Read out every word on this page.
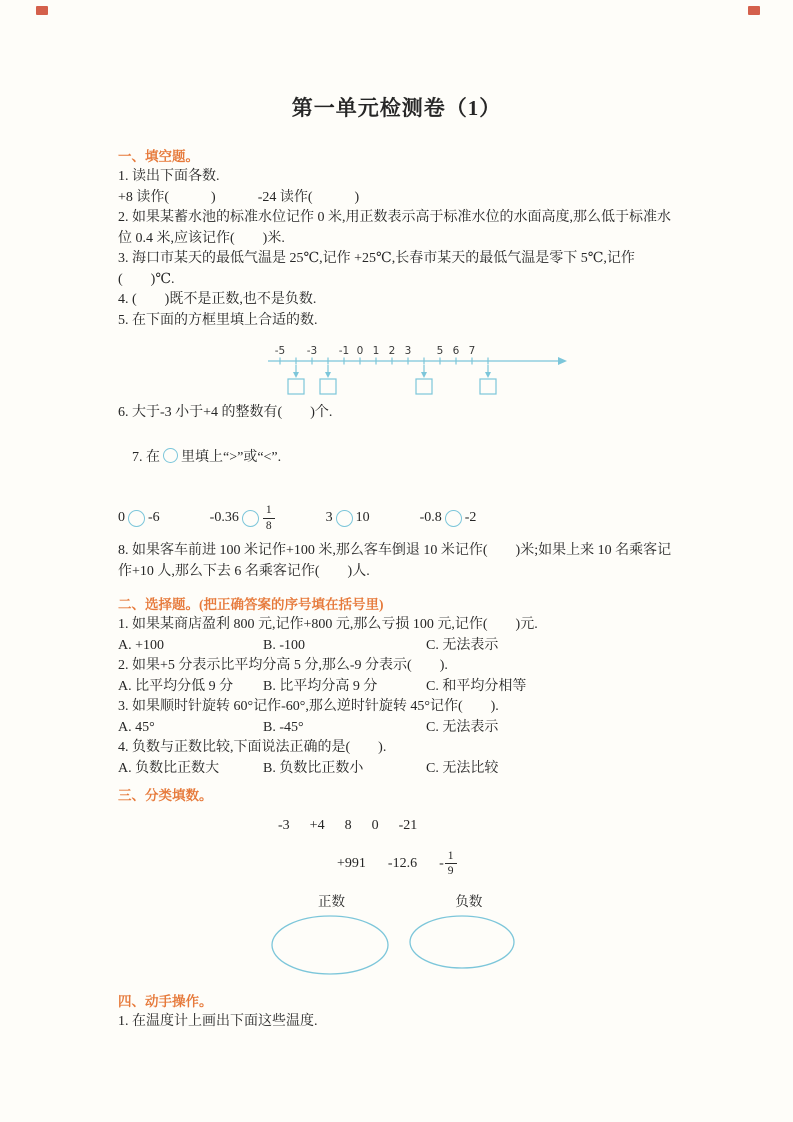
第一单元检测卷（1）
一、填空题。
1. 读出下面各数.
+8 读作(　　　)　　　-24 读作(　　　)
2. 如果某蓄水池的标准水位记作 0 米,用正数表示高于标准水位的水面高度,那么低于标准水
位 0.4 米,应该记作(　　)米.
3. 海口市某天的最低气温是 25℃,记作 +25℃,长春市某天的最低气温是零下 5℃,记作
(　　)℃.
4. (　　)既不是正数,也不是负数.
5. 在下面的方框里填上合适的数.
-5 -3 -1 0 1 2 3 5 6 7
6. 大于-3 小于+4 的整数有(　　)个.

7. 在 里填上“>”或“<”.

0 -6	$-0.36 \frac{1}{8}$	3 10	-0.8 -2
8. 如果客车前进 100 米记作+100 米,那么客车倒退 10 米记作(　　)米;如果上来 10 名乘客记
作+10 人,那么下去 6 名乘客记作(　　)人.
二、选择题。(把正确答案的序号填在括号里)
1. 如果某商店盈利 800 元,记作+800 元,那么亏损 100 元,记作(　　)元.
A. +100	B. -100	C. 无法表示
2. 如果+5 分表示比平均分高 5 分,那么-9 分表示(　　).
A. 比平均分低 9 分	B. 比平均分高 9 分	C. 和平均分相等
3. 如果顺时针旋转 60°记作-60°,那么逆时针旋转 45°记作(　　).
A. 45°	B. -45°	C. 无法表示
4. 负数与正数比较,下面说法正确的是(　　).
A. 负数比正数大	B. 负数比正数小	C. 无法比较
三、分类填数。
-3 +4 8 0 -21
+991 $-12.6 - \frac{1}{9}$
正数	负数
四、动手操作。
1. 在温度计上画出下面这些温度.
